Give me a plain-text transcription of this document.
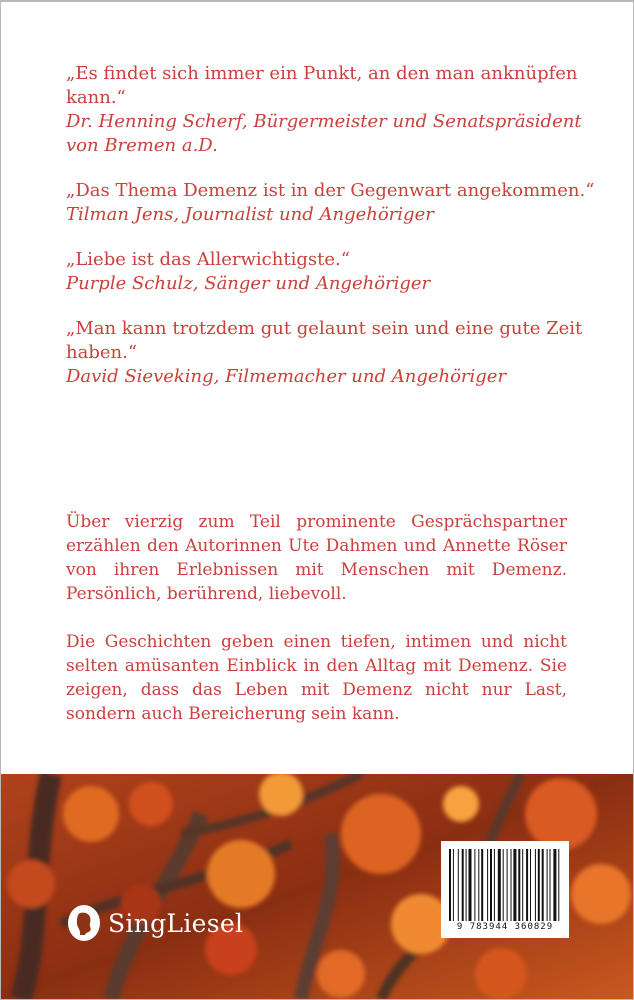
„Es findet sich immer ein Punkt, an den man anknüpfen kann.“
Dr. Henning Scherf, Bürgermeister und Senatspräsident
von Bremen a.D.
„Das Thema Demenz ist in der Gegenwart angekommen.“
Tilman Jens, Journalist und Angehöriger
„Liebe ist das Allerwichtigste.“
Purple Schulz, Sänger und Angehöriger
„Man kann trotzdem gut gelaunt sein und eine gute Zeit haben.“
David Sieveking, Filmemacher und Angehöriger

Über vierzig zum Teil prominente Gesprächspartner erzählen den Autorinnen Ute Dahmen und Annette Röser von ihren Erlebnissen mit Menschen mit Demenz. Persönlich, berührend, liebevoll.

Die Geschichten geben einen tiefen, intimen und nicht selten amüsanten Einblick in den Alltag mit Demenz. Sie zeigen, dass das Leben mit Demenz nicht nur Last, sondern auch Bereicherung sein kann.

SingLiesel	9 783944 360829
